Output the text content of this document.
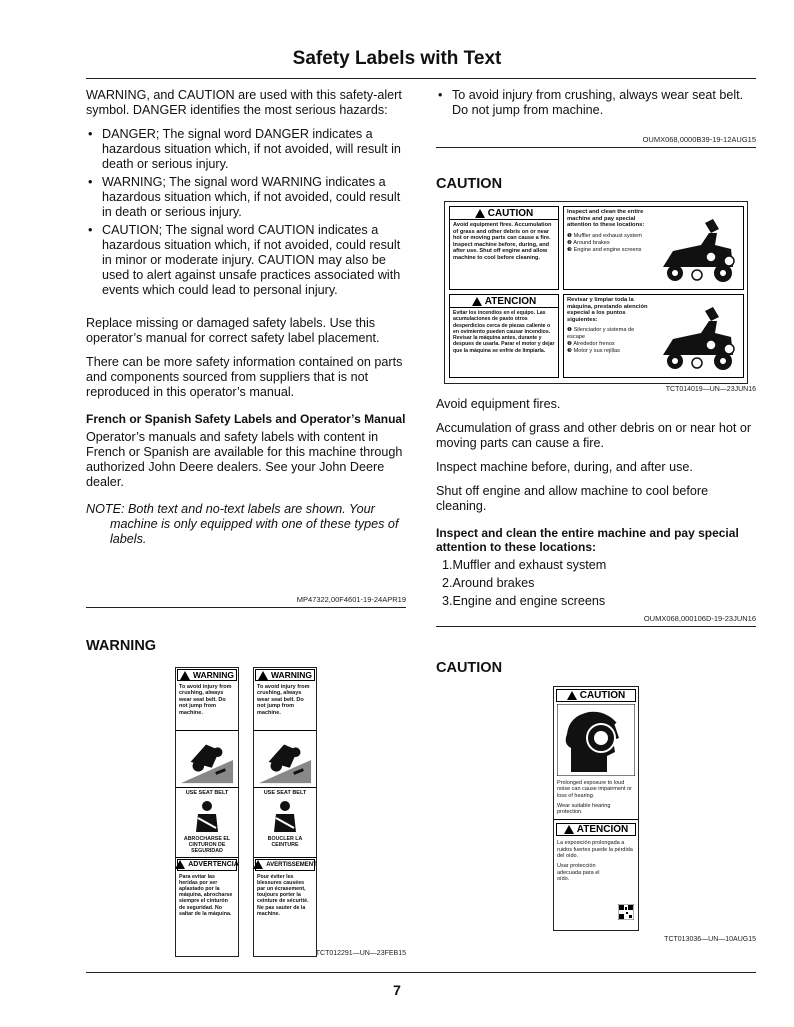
Safety Labels with Text

WARNING, and CAUTION are used with this safety-alert symbol. DANGER identifies the most serious hazards:

• DANGER; The signal word DANGER indicates a hazardous situation which, if not avoided, will result in death or serious injury.
• WARNING; The signal word WARNING indicates a hazardous situation which, if not avoided, could result in death or serious injury.
• CAUTION; The signal word CAUTION indicates a hazardous situation which, if not avoided, could result in minor or moderate injury. CAUTION may also be used to alert against unsafe practices associated with events which could lead to personal injury.

Replace missing or damaged safety labels. Use this operator’s manual for correct safety label placement.

There can be more safety information contained on parts and components sourced from suppliers that is not reproduced in this operator’s manual.

French or Spanish Safety Labels and Operator’s Manual

Operator’s manuals and safety labels with content in French or Spanish are available for this machine through authorized John Deere dealers. See your John Deere dealer.

NOTE: Both text and no-text labels are shown. Your machine is only equipped with one of these types of labels.

MP47322,00F4601-19-24APR19
• To avoid injury from crushing, always wear seat belt. Do not jump from machine.
OUMX068,0000B39-19-12AUG15
CAUTION
CAUTION
Avoid equipment fires. Accumulation of grass and other debris on or near hot or moving parts can cause a fire. Inspect machine before, during, and after use. Shut off engine and allow machine to cool before cleaning.
Inspect and clean the entire machine and pay special attention to these locations:
❶ Muffler and exhaust system
❷ Around brakes
❸ Engine and engine screens
ATENCION
Evitar los incendios en el equipo. Las acumulaciones de pasto otros desperdicios cerca de piezas caliente o en ovimiento pueden causar incendios. Revisar la máquina antes, durante y despues de usarla. Parar el motor y dejar que la máquina se enfríe de limpiarla.
Revisar y limpiar toda la máquina, prestando atención especial a los puntos siguientes:
❶ Silenciador y sistema de escape
❷ Alrededor frenos
❸ Motor y sus rejillas
TCT014019—UN—23JUN16

Avoid equipment fires.

Accumulation of grass and other debris on or near hot or moving parts can cause a fire.

Inspect machine before, during, and after use.

Shut off engine and allow machine to cool before cleaning.

Inspect and clean the entire machine and pay special attention to these locations:
1.Muffler and exhaust system
2.Around brakes
3.Engine and engine screens
OUMX068,000106D-19-23JUN16
WARNING
WARNING
To avoid injury from crushing, always wear seat belt. Do not jump from machine.
USE SEAT BELT
ABROCHARSE EL CINTURON DE SEGURIDAD
ADVERTENCIA
Para evitar las heridas por ser aplastado por la máquina, abrocharse siempre el cinturón de seguridad. No saltar de la máquina.
WARNING
To avoid injury from crushing, always wear seat belt. Do not jump from machine.
USE SEAT BELT
BOUCLER LA CEINTURE
AVERTISSEMENT
Pour éviter les blessures causées par un écrasement, toujours porter la ceinture de sécurité. Ne pas sauter de la machine.
TCT012291—UN—23FEB15
CAUTION
CAUTION
Prolonged exposure to loud noise can cause impairment or loss of hearing.
Wear suitable hearing protection.
ATENCIÓN
La exposición prolongada a ruidos fuertes puede la pérdida del oído.
Usar protección adecuada para el oído.
TCT013036—UN—10AUG15
7
